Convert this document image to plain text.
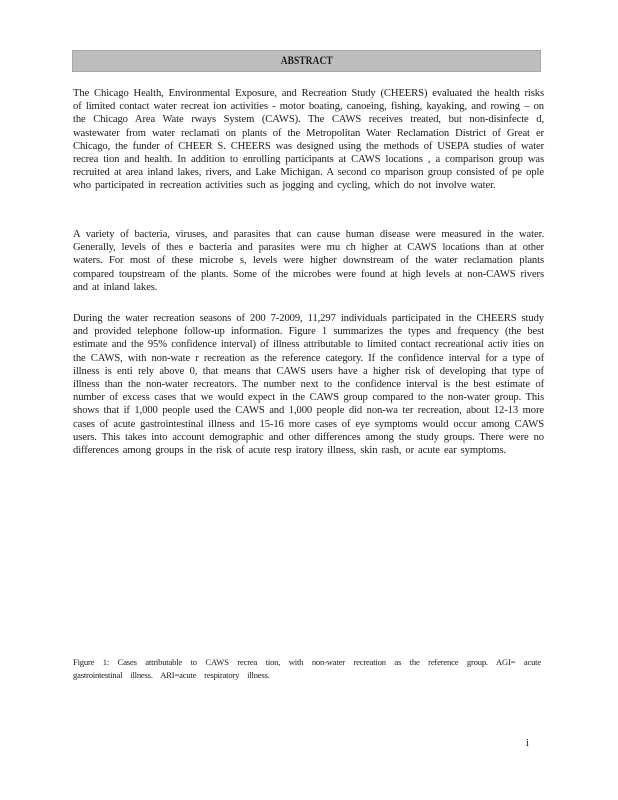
ABSTRACT
The Chicago Health, Environmental Exposure, and Recreation Study (CHEERS) evaluated the health risks of limited contact water recreat ion activities - motor boating, canoeing, fishing, kayaking, and rowing – on the Chicago Area Wate rways System (CAWS). The CAWS receives treated, but non-disinfecte d, wastewater from water reclamati on plants of the Metropolitan Water Reclamation District of Great er Chicago, the funder of CHEER S. CHEERS was designed using the methods of USEPA studies of water recrea tion and health. In addition to enrolling participants at CAWS locations , a comparison group was recruited at area inland lakes, rivers, and Lake Michigan. A second co mparison group consisted of pe ople who participated in recreation activities such as jogging and cycling, which do not involve water.
A variety of bacteria, viruses, and parasites that can cause human disease were measured in the water. Generally, levels of thes e bacteria and parasites were mu ch higher at CAWS locations than at other waters. For most of these microbe s, levels were higher downstream of the water reclamation plants compared toupstream of the plants. Some of the microbes were found at high levels at non-CAWS rivers and at inland lakes.
During the water recreation seasons of 200 7-2009, 11,297 individuals participated in the CHEERS study and provided telephone follow-up information. Figure 1 summarizes the types and frequency (the best estimate and the 95% confidence interval) of illness attributable to limited contact recreational activ ities on the CAWS, with non-wate r recreation as the reference category. If the confidence interval for a type of illness is enti rely above 0, that means that CAWS users have a higher risk of developing that type of illness than the non-water recreators. The number next to the confidence interval is the best estimate of number of excess cases that we would expect in the CAWS group compared to the non-water group. This shows that if 1,000 people used the CAWS and 1,000 people did non-wa ter recreation, about 12-13 more cases of acute gastrointestinal illness and 15-16 more cases of eye symptoms would occur among CAWS users. This takes into account demographic and other differences among the study groups. There were no differences among groups in the risk of acute resp iratory illness, skin rash, or acute ear symptoms.
Figure 1: Cases attributable to CAWS recrea tion, with non-water recreation as the reference group. AGI= acute gastrointestinal illness. ARI=acute respiratory illness.
i
